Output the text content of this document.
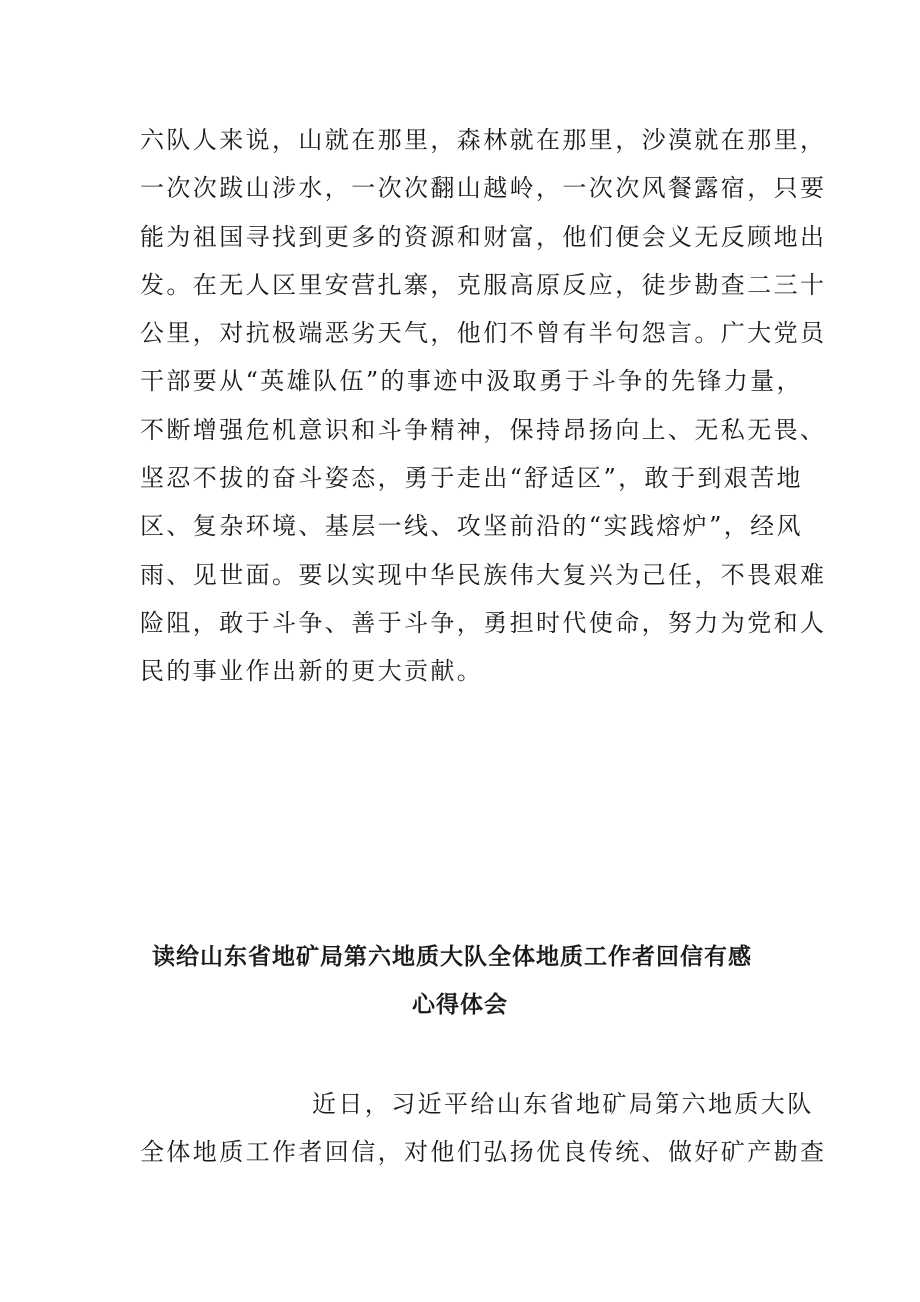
六队人来说，山就在那里，森林就在那里，沙漠就在那里，
一次次跋山涉水，一次次翻山越岭，一次次风餐露宿，只要
能为祖国寻找到更多的资源和财富，他们便会义无反顾地出
发。在无人区里安营扎寨，克服高原反应，徒步勘查二三十
公里，对抗极端恶劣天气，他们不曾有半句怨言。广大党员
干部要从“英雄队伍”的事迹中汲取勇于斗争的先锋力量，
不断增强危机意识和斗争精神，保持昂扬向上、无私无畏、
坚忍不拔的奋斗姿态，勇于走出“舒适区”，敢于到艰苦地
区、复杂环境、基层一线、攻坚前沿的“实践熔炉”，经风
雨、见世面。要以实现中华民族伟大复兴为己任，不畏艰难
险阻，敢于斗争、善于斗争，勇担时代使命，努力为党和人
民的事业作出新的更大贡献。

读给山东省地矿局第六地质大队全体地质工作者回信有感
心得体会

近日，习近平给山东省地矿局第六地质大队
全体地质工作者回信，对他们弘扬优良传统、做好矿产勘查
